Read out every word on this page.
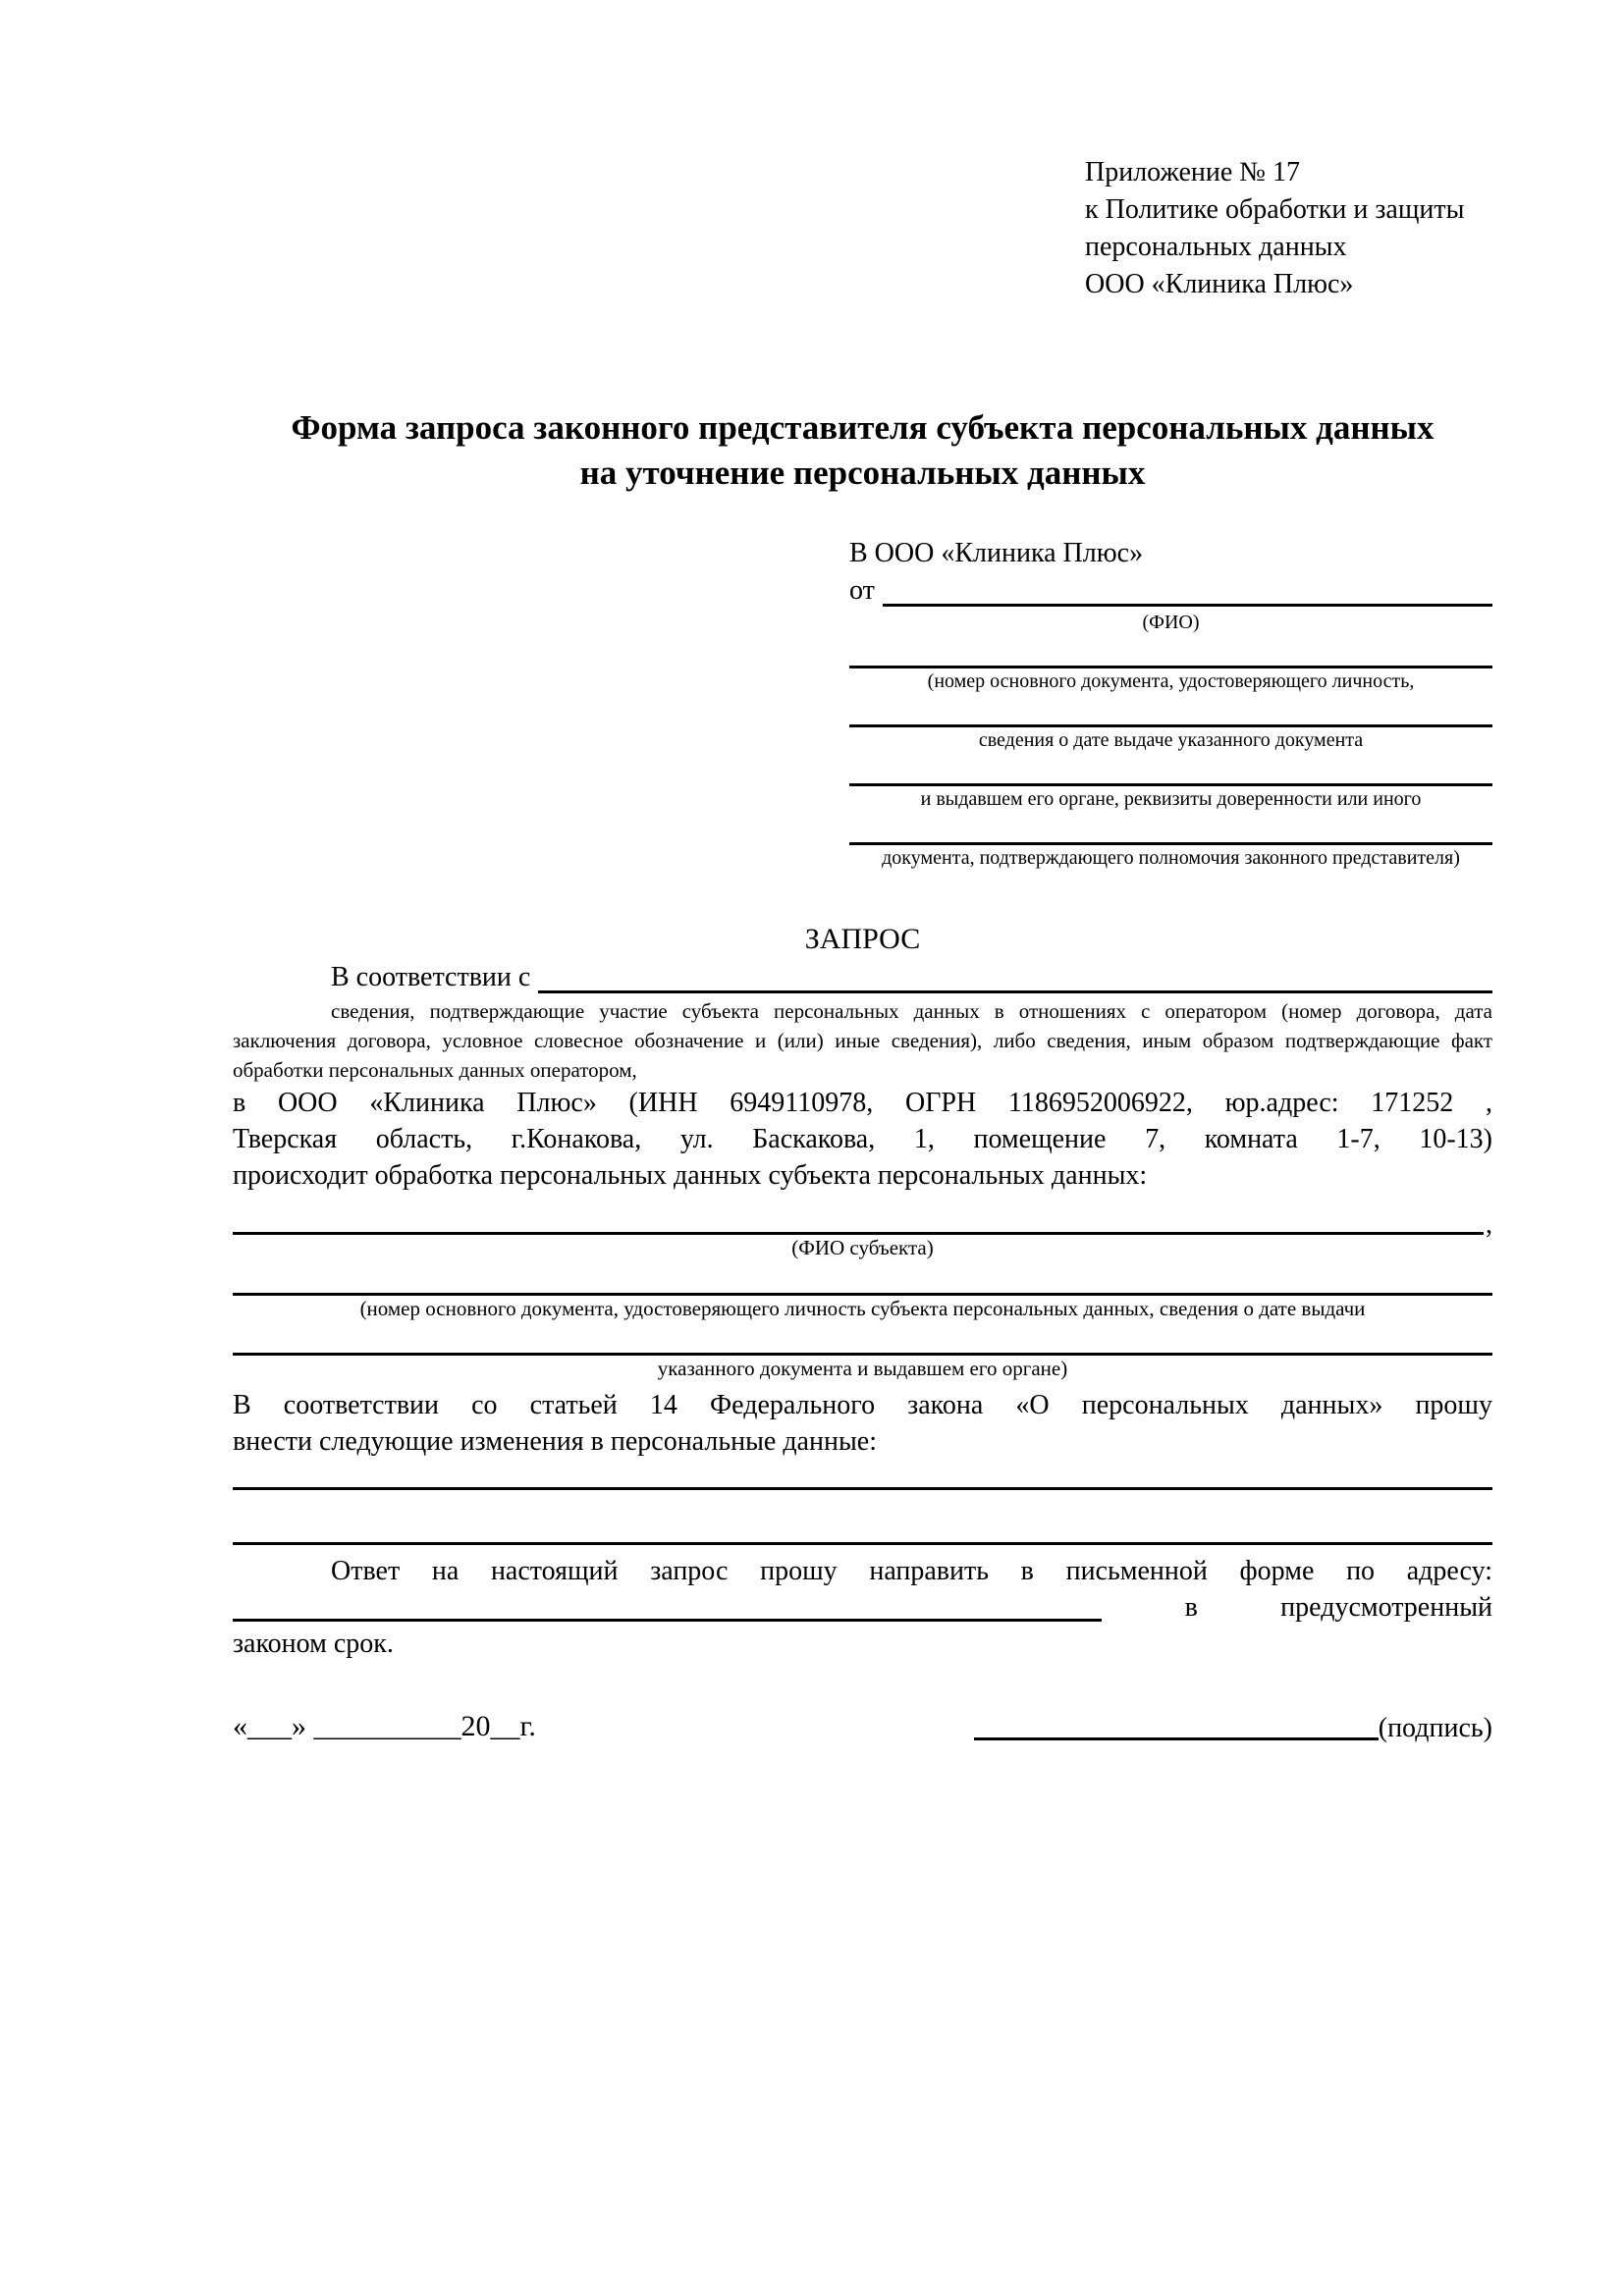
Приложение № 17
к Политике обработки и защиты
персональных данных
ООО «Клиника Плюс»
Форма запроса законного представителя субъекта персональных данных
на уточнение персональных данных
В ООО «Клиника Плюс»
от
(ФИО)
(номер основного документа, удостоверяющего личность,
сведения о дате выдаче указанного документа
и выдавшем его органе, реквизиты доверенности или иного
документа, подтверждающего полномочия законного представителя)
ЗАПРОС
В соответствии с
сведения, подтверждающие участие субъекта персональных данных в отношениях с оператором (номер договора, дата
заключения договора, условное словесное обозначение и (или) иные сведения), либо сведения, иным образом подтверждающие факт
обработки персональных данных оператором,
в ООО «Клиника Плюс» (ИНН 6949110978, ОГРН 1186952006922, юр.адрес: 171252 ,
Тверская область, г.Конакова, ул. Баскакова, 1, помещение 7, комната 1-7, 10-13)
происходит обработка персональных данных субъекта персональных данных:
,
(ФИО субъекта)
(номер основного документа, удостоверяющего личность субъекта персональных данных, сведения о дате выдачи
указанного документа и выдавшем его органе)
В соответствии со статьей 14 Федерального закона «О персональных данных» прошу
внести следующие изменения в персональные данные:
Ответ на настоящий запрос прошу направить в письменной форме по адресу:
в	предусмотренный
законом срок.
«___» __________20__г.	(подпись)
